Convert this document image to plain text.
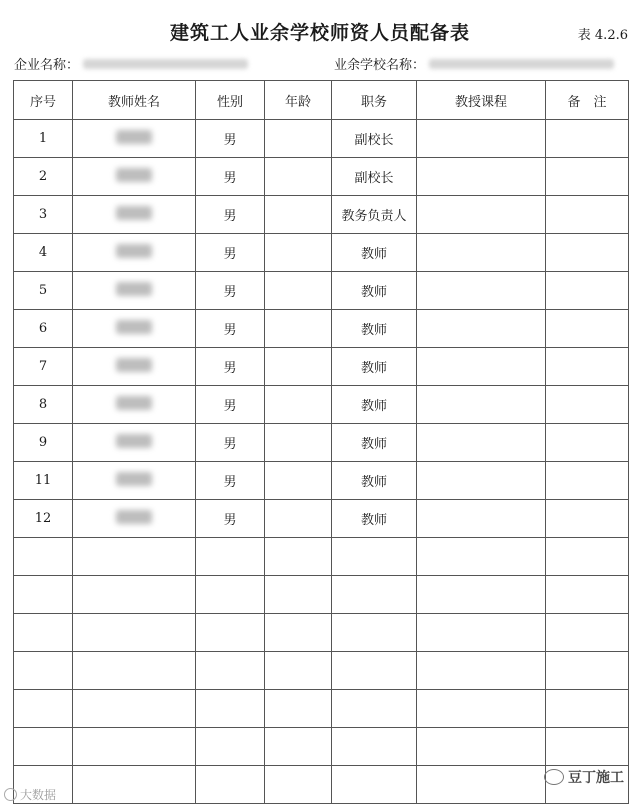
建筑工人业余学校师资人员配备表	表 4.2.6
企业名称：	业余学校名称：
序号	教师姓名	性别	年龄	职务	教授课程	备　注
1		男		副校长		
2		男		副校长		
3		男		教务负责人		
4		男		教师		
5		男		教师		
6		男		教师		
7		男		教师		
8		男		教师		
9		男		教师		
11		男		教师		
12		男		教师		

大数据
豆丁施工
